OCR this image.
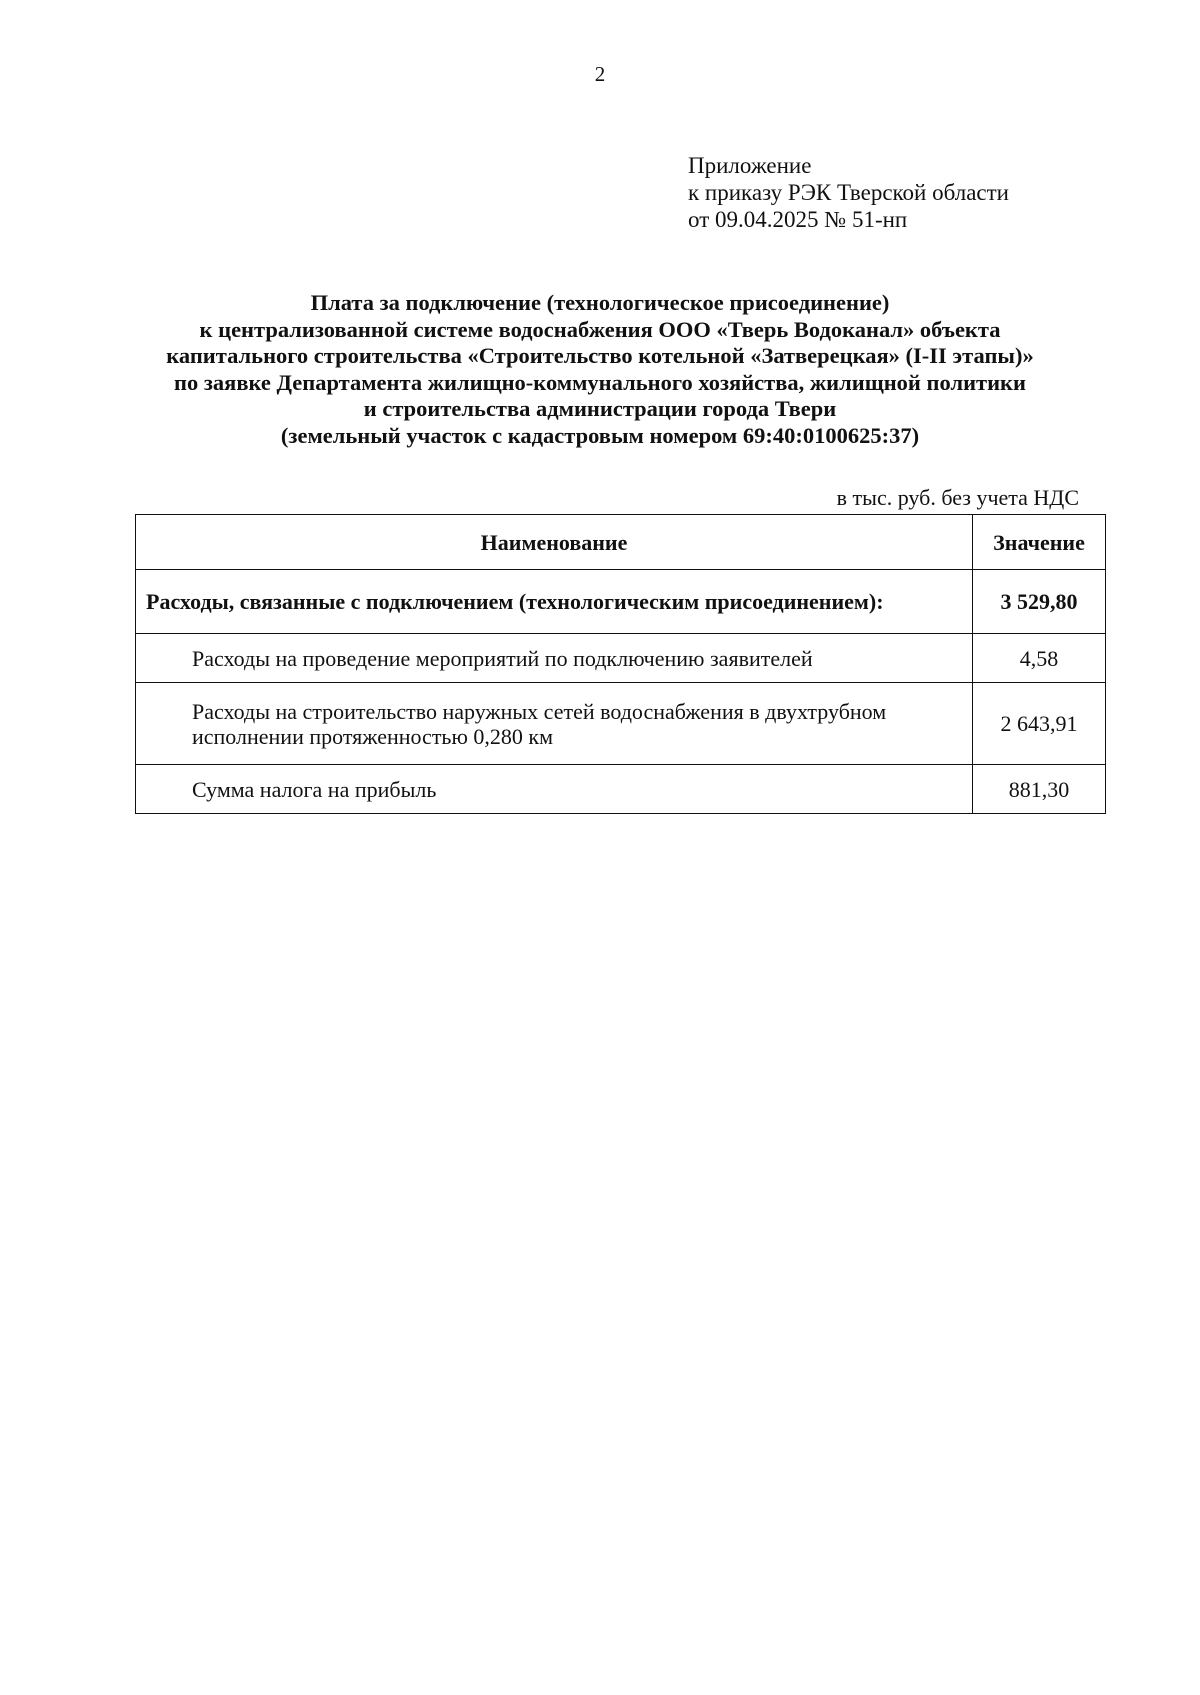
2
Приложение
к приказу РЭК Тверской области
от 09.04.2025 № 51-нп
Плата за подключение (технологическое присоединение)
к централизованной системе водоснабжения ООО «Тверь Водоканал» объекта
капитального строительства «Строительство котельной «Затверецкая» (I-II этапы)»
по заявке Департамента жилищно-коммунального хозяйства, жилищной политики
и строительства администрации города Твери
(земельный участок с кадастровым номером 69:40:0100625:37)
в тыс. руб. без учета НДС
Наименование	Значение
Расходы, связанные с подключением (технологическим присоединением):	3 529,80
Расходы на проведение мероприятий по подключению заявителей	4,58
Расходы на строительство наружных сетей водоснабжения в двухтрубном исполнении протяженностью 0,280 км	2 643,91
Сумма налога на прибыль	881,30
